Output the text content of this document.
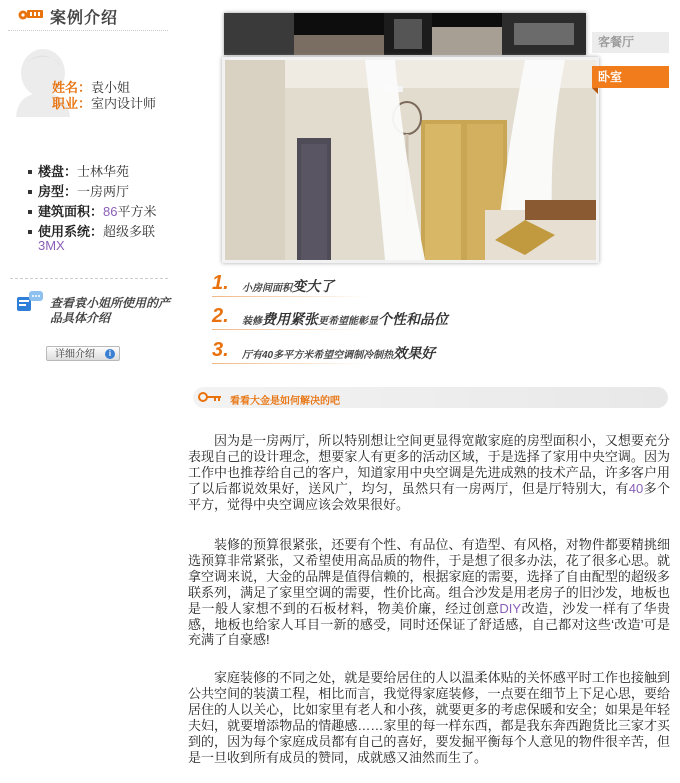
案例介绍
姓名：袁小姐
职业：室内设计师
楼盘：士林华苑
房型：一房两厅
建筑面积：86平方米
使用系统：超级多联3MX
查看袁小姐所使用的产品具体介绍
详细介绍	i
客餐厅
卧室
1 .	小房间面积变大了
2 .	装修费用紧张更希望能彰显个性和品位
3 .	厅有40多平方米希望空调制冷制热效果好
看看大金是如何解决的吧

因为是一房两厅，所以特别想让空间更显得宽敞家庭的房型面积小，又想要充分表现自己的设计理念，想要家人有更多的活动区域，于是选择了家用中央空调。因为工作中也推荐给自己的客户，知道家用中央空调是先进成熟的技术产品，许多客户用了以后都说效果好，送风广，均匀，虽然只有一房两厅，但是厅特别大，有40多个平方，觉得中央空调应该会效果很好。

装修的预算很紧张，还要有个性、有品位、有造型、有风格，对物件都要精挑细选预算非常紧张，又希望使用高品质的物件，于是想了很多办法，花了很多心思。就拿空调来说，大金的品牌是值得信赖的，根据家庭的需要，选择了自由配型的超级多联系列，满足了家里空调的需要，性价比高。组合沙发是用老房子的旧沙发，地板也是一般人家想不到的石板材料，物美价廉，经过创意DIY改造，沙发一样有了华贵感，地板也给家人耳目一新的感受，同时还保证了舒适感，自己都对这些‘改造’可是充满了自豪感!

家庭装修的不同之处，就是要给居住的人以温柔体贴的关怀感平时工作也接触到公共空间的装潢工程，相比而言，我觉得家庭装修，一点要在细节上下足心思，要给居住的人以关心，比如家里有老人和小孩，就要更多的考虑保暖和安全；如果是年轻夫妇，就要增添物品的情趣感……家里的每一样东西，都是我东奔西跑货比三家才买到的，因为每个家庭成员都有自己的喜好，要发掘平衡每个人意见的物件很辛苦，但是一旦收到所有成员的赞同，成就感又油然而生了。
